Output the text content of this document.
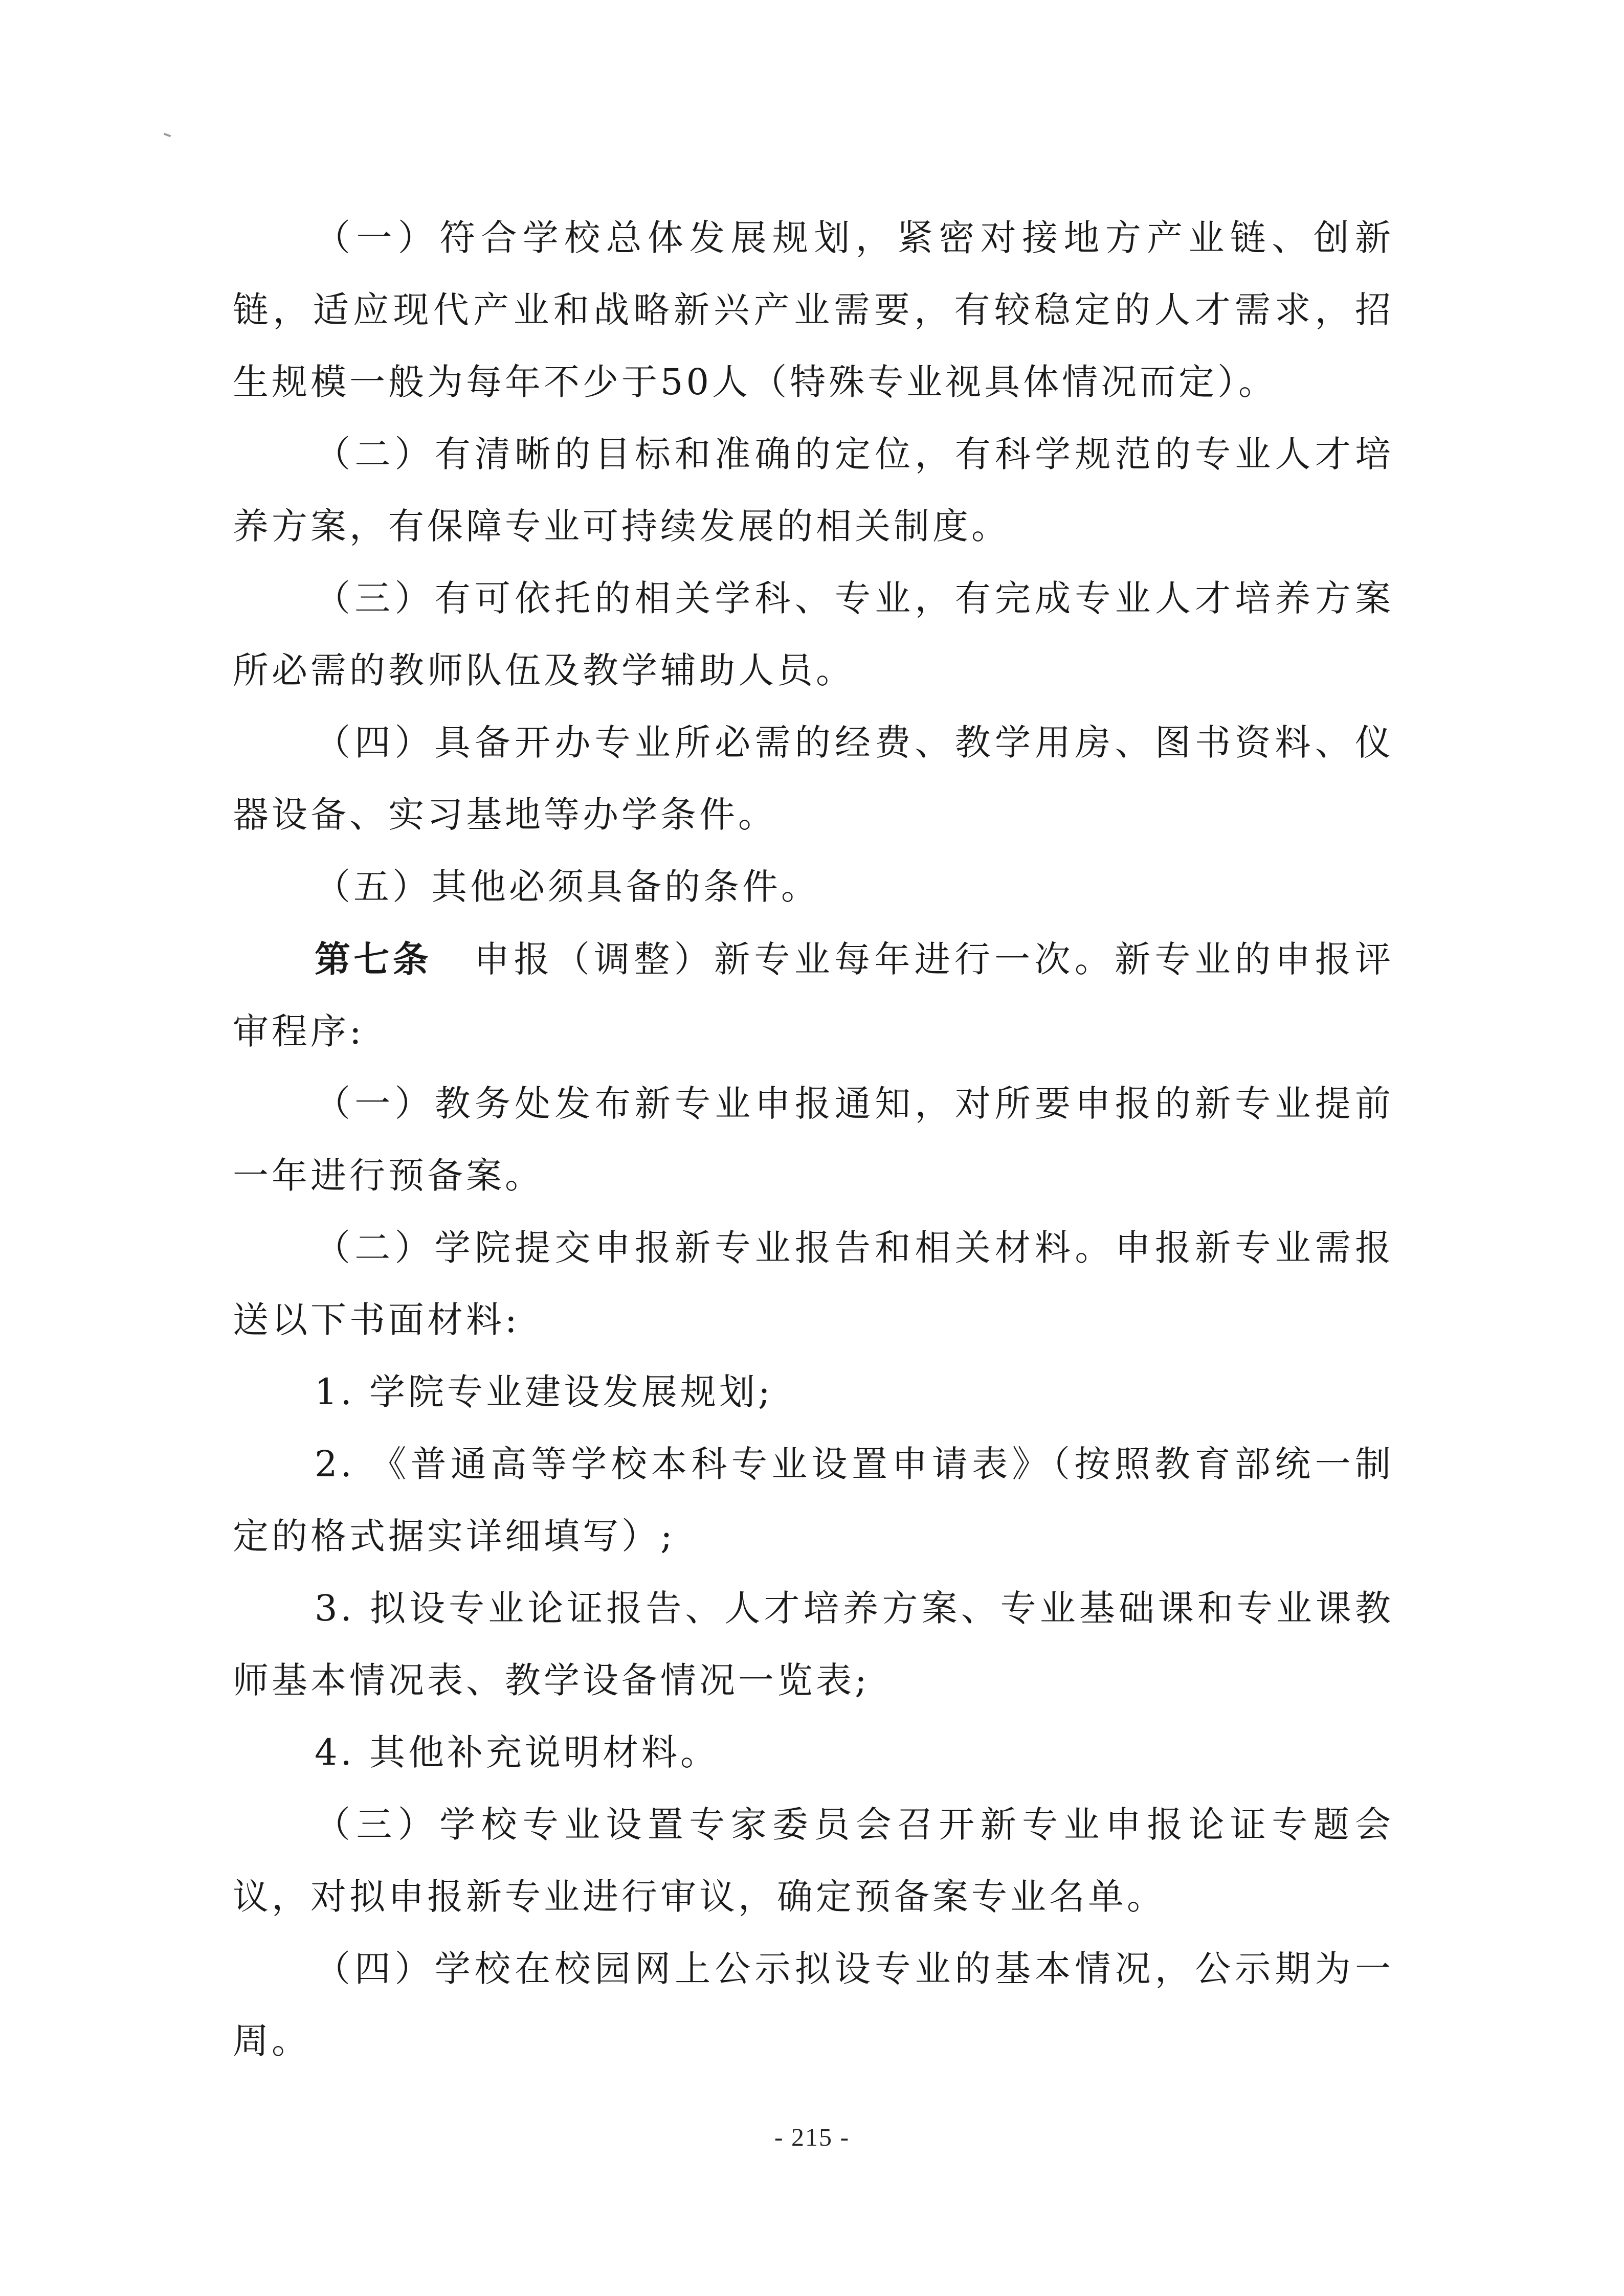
（一）符合学校总体发展规划，紧密对接地方产业链、创新链，适应现代产业和战略新兴产业需要，有较稳定的人才需求，招生规模一般为每年不少于50人（特殊专业视具体情况而定）。

（二）有清晰的目标和准确的定位，有科学规范的专业人才培养方案，有保障专业可持续发展的相关制度。

（三）有可依托的相关学科、专业，有完成专业人才培养方案所必需的教师队伍及教学辅助人员。

（四）具备开办专业所必需的经费、教学用房、图书资料、仪器设备、实习基地等办学条件。

（五）其他必须具备的条件。

第七条 申报（调整）新专业每年进行一次。新专业的申报评审程序:

（一）教务处发布新专业申报通知，对所要申报的新专业提前一年进行预备案。

（二）学院提交申报新专业报告和相关材料。申报新专业需报送以下书面材料:

1. 学院专业建设发展规划;

2. 《普通高等学校本科专业设置申请表》（按照教育部统一制定的格式据实详细填写）;

3. 拟设专业论证报告、人才培养方案、专业基础课和专业课教师基本情况表、教学设备情况一览表;

4. 其他补充说明材料。

（三）学校专业设置专家委员会召开新专业申报论证专题会议，对拟申报新专业进行审议，确定预备案专业名单。

（四）学校在校园网上公示拟设专业的基本情况，公示期为一周。

- 215 -
